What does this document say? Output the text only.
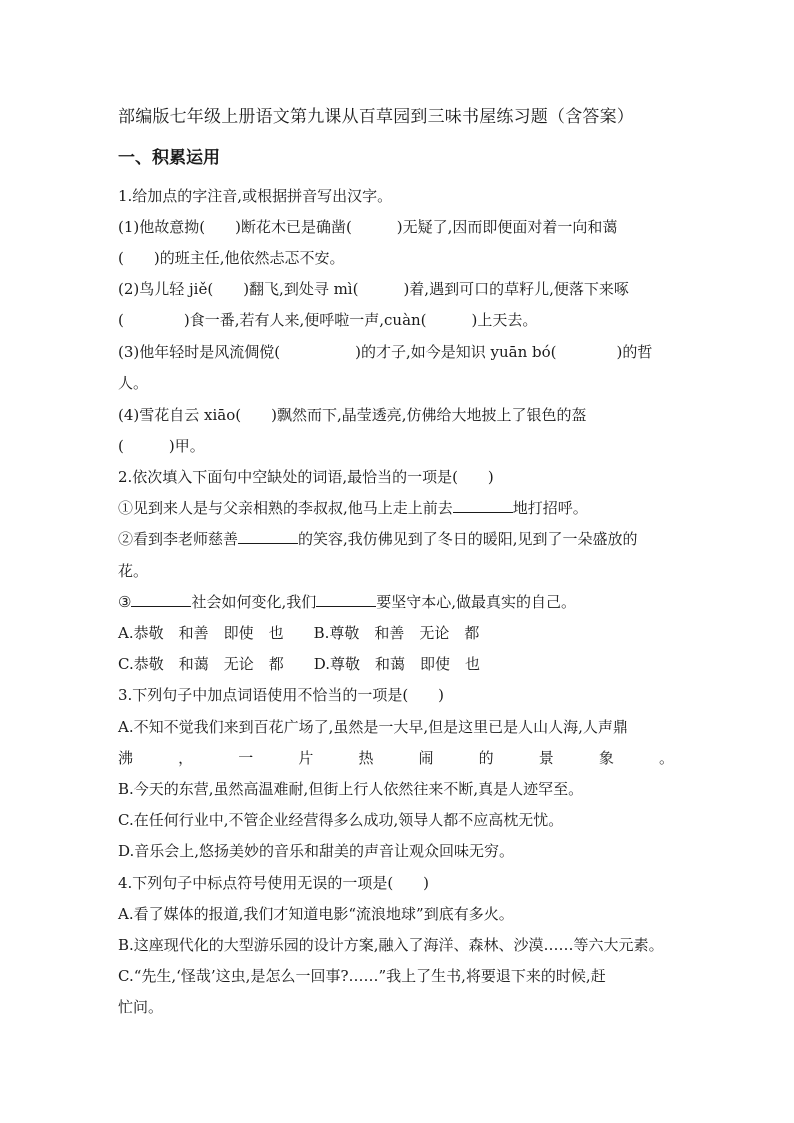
部编版七年级上册语文第九课从百草园到三味书屋练习题（含答案）
一、积累运用
1.给加点的字注音,或根据拼音写出汉字。
(1)他故意拗(　　)断花木已是确凿(　　　)无疑了,因而即便面对着一向和蔼
(　　)的班主任,他依然忐忑不安。
(2)鸟儿轻 jiě(　　)翻飞,到处寻 mì(　　　)着,遇到可口的草籽儿,便落下来啄
(　　　　)食一番,若有人来,便呼啦一声,cuàn(　　　)上天去。
(3)他年轻时是风流倜傥(　　　　　)的才子,如今是知识 yuān bó(　　　　)的哲
人。
(4)雪花自云 xiāo(　　)飘然而下,晶莹透亮,仿佛给大地披上了银色的盔
(　　　)甲。
2.依次填入下面句中空缺处的词语,最恰当的一项是(　　)
①见到来人是与父亲相熟的李叔叔,他马上走上前去	地打招呼。
②看到李老师慈善	的笑容,我仿佛见到了冬日的暖阳,见到了一朵盛放的
花。
③	社会如何变化,我们	要坚守本心,做最真实的自己。
A.恭敬　和善　即使　也 B.尊敬　和善　无论　都
C.恭敬　和蔼　无论　都 D.尊敬　和蔼　即使　也
3.下列句子中加点词语使用不恰当的一项是(　　)
A.不知不觉我们来到百花广场了,虽然是一大早,但是这里已是人山人海,人声鼎
沸	，	一	片	热	闹	的	景	象	。
B.今天的东营,虽然高温难耐,但街上行人依然往来不断,真是人迹罕至。
C.在任何行业中,不管企业经营得多么成功,领导人都不应高枕无忧。
D.音乐会上,悠扬美妙的音乐和甜美的声音让观众回味无穷。
4.下列句子中标点符号使用无误的一项是(　　)
A.看了媒体的报道,我们才知道电影“流浪地球”到底有多火。
B.这座现代化的大型游乐园的设计方案,融入了海洋、森林、沙漠……等六大元素。
C.“先生,‘怪哉’这虫,是怎么一回事?……”我上了生书,将要退下来的时候,赶
忙问。
